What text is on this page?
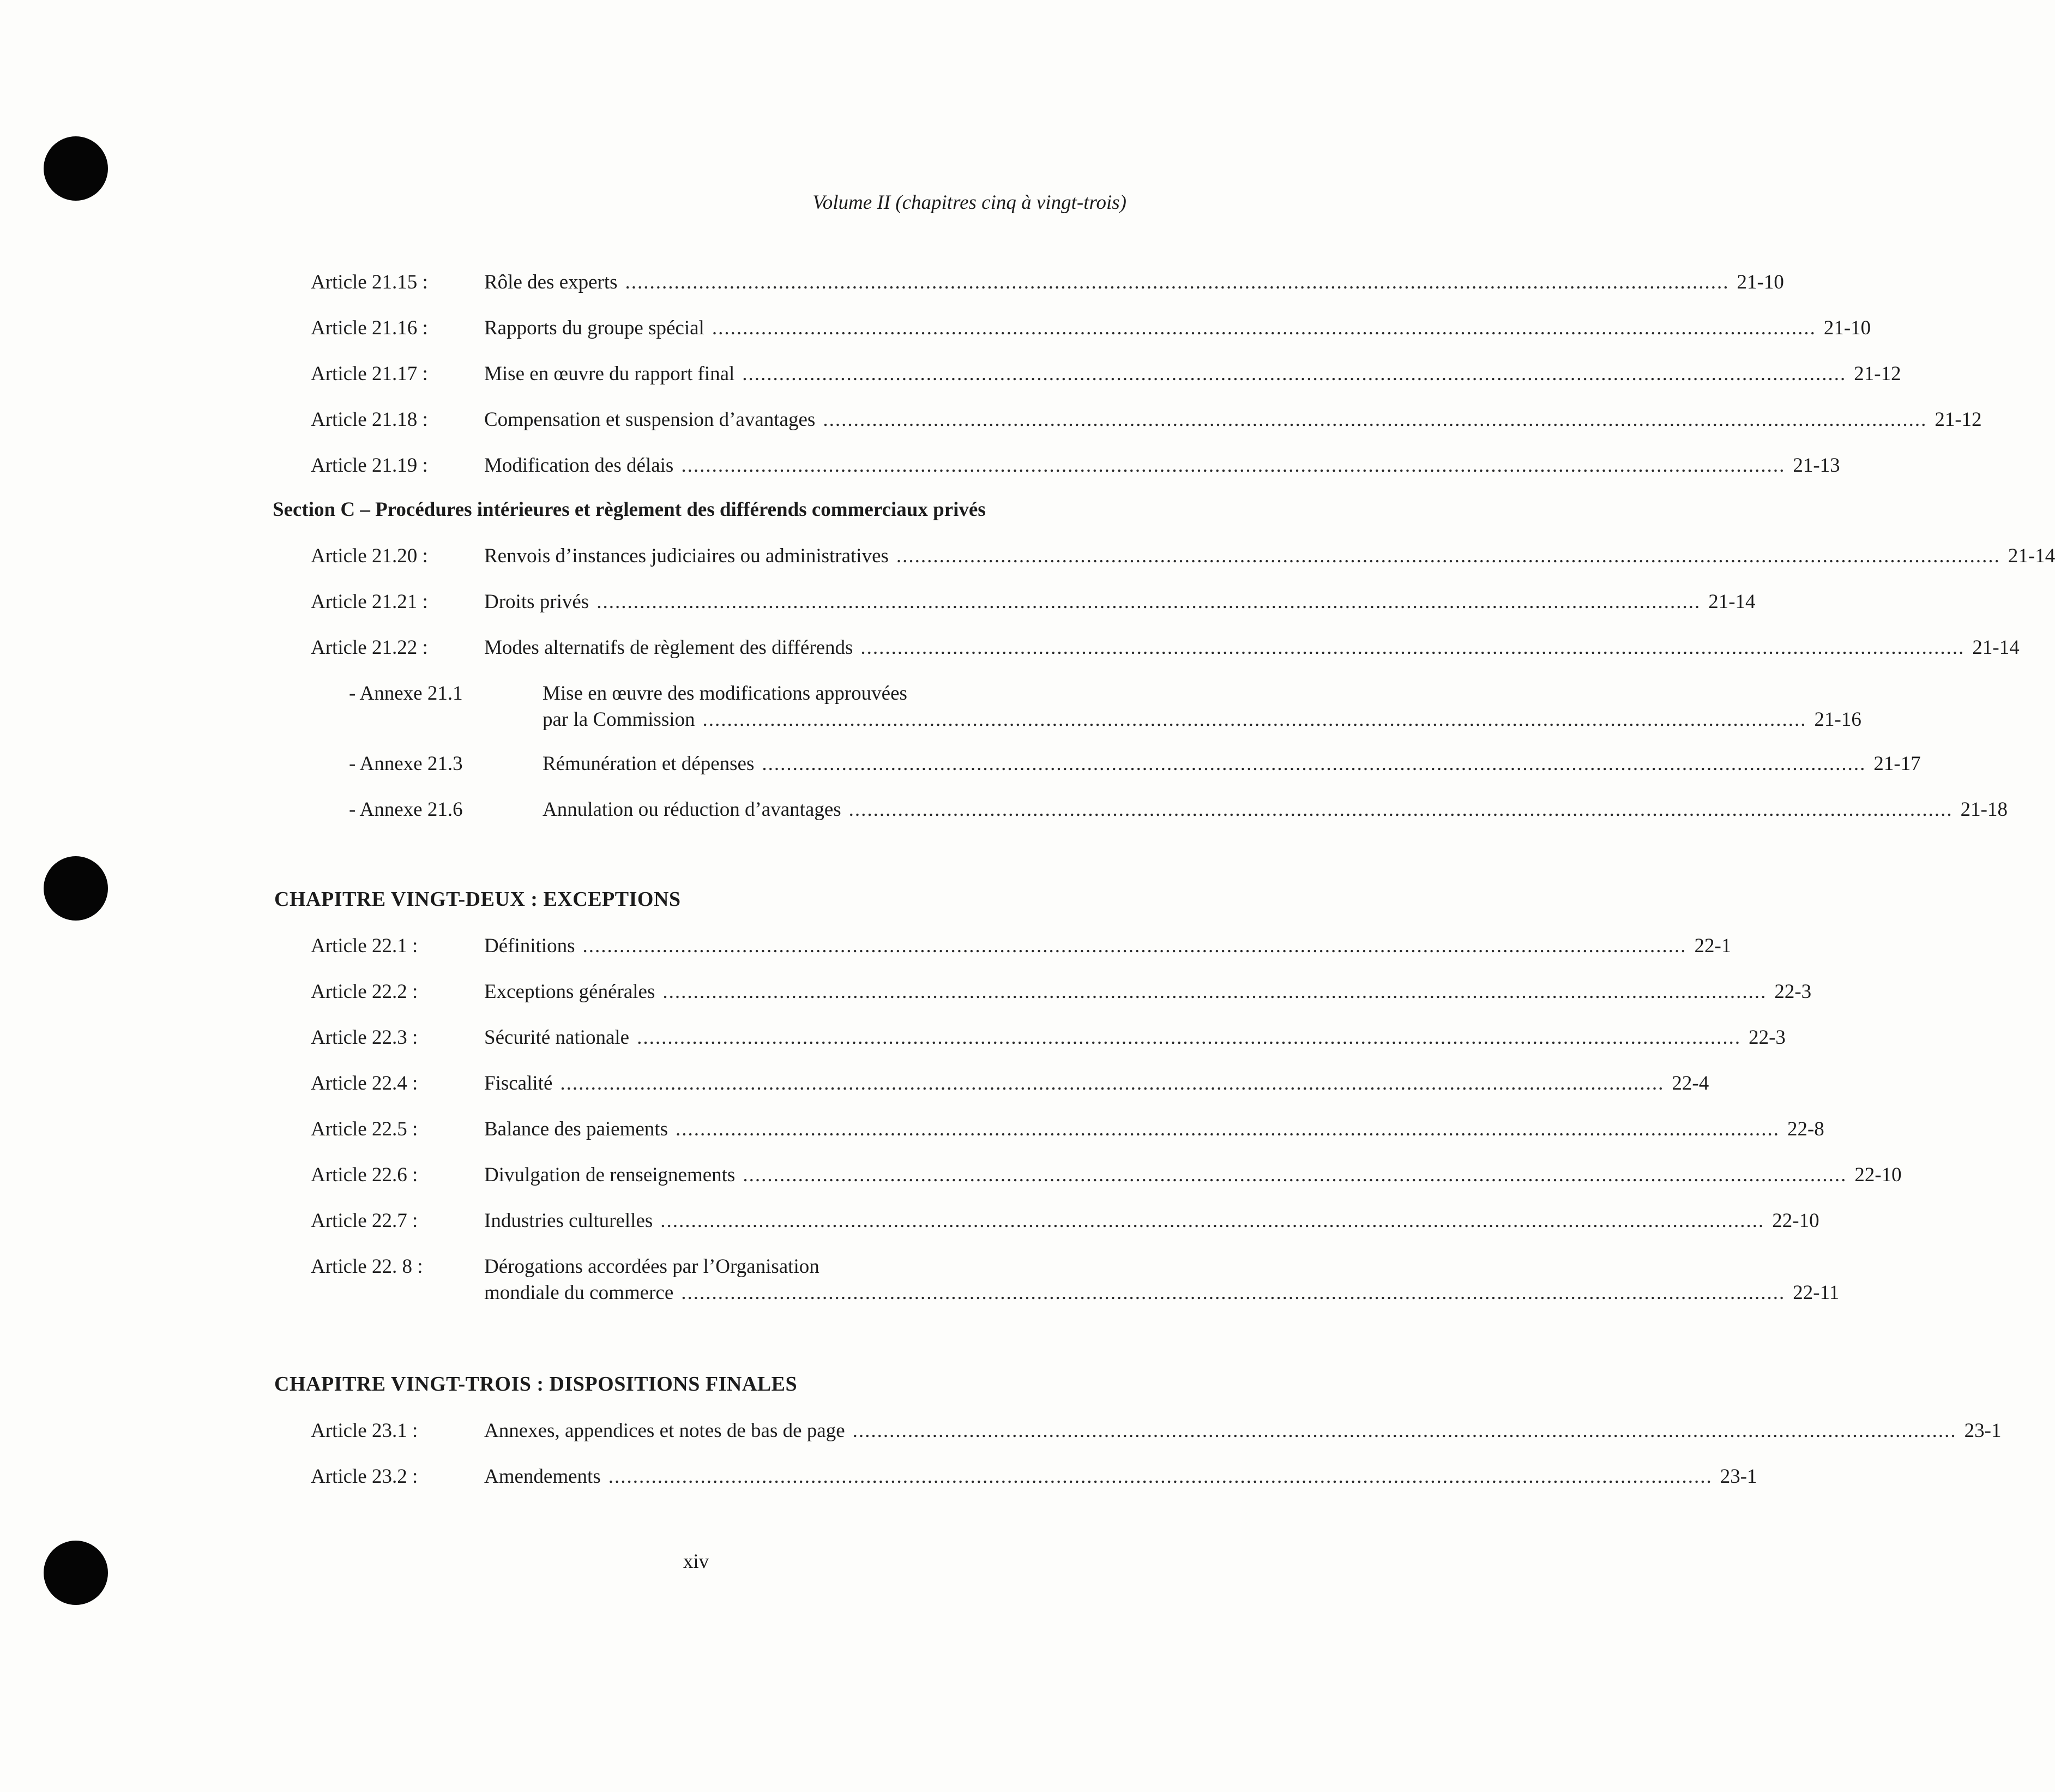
Volume II (chapitres cinq à vingt-trois)
Article 21.15 :	Rôle des experts .................................................................................................................................................................................... 21-10
Article 21.16 :	Rapports du groupe spécial .................................................................................................................................................................................... 21-10
Article 21.17 :	Mise en œuvre du rapport final .................................................................................................................................................................................... 21-12
Article 21.18 :	Compensation et suspension d’avantages .................................................................................................................................................................................... 21-12
Article 21.19 :	Modification des délais .................................................................................................................................................................................... 21-13
Section C – Procédures intérieures et règlement des différends commerciaux privés
Article 21.20 :	Renvois d’instances judiciaires ou administratives .................................................................................................................................................................................... 21-14
Article 21.21 :	Droits privés .................................................................................................................................................................................... 21-14
Article 21.22 :	Modes alternatifs de règlement des différends .................................................................................................................................................................................... 21-14
- Annexe 21.1	Mise en œuvre des modifications approuvées
par la Commission .................................................................................................................................................................................... 21-16
- Annexe 21.3	Rémunération et dépenses .................................................................................................................................................................................... 21-17
- Annexe 21.6	Annulation ou réduction d’avantages .................................................................................................................................................................................... 21-18
CHAPITRE VINGT-DEUX : EXCEPTIONS
Article 22.1 :	Définitions .................................................................................................................................................................................... 22-1
Article 22.2 :	Exceptions générales .................................................................................................................................................................................... 22-3
Article 22.3 :	Sécurité nationale .................................................................................................................................................................................... 22-3
Article 22.4 :	Fiscalité .................................................................................................................................................................................... 22-4
Article 22.5 :	Balance des paiements .................................................................................................................................................................................... 22-8
Article 22.6 :	Divulgation de renseignements .................................................................................................................................................................................... 22-10
Article 22.7 :	Industries culturelles .................................................................................................................................................................................... 22-10
Article 22. 8 :	Dérogations accordées par l’Organisation
mondiale du commerce .................................................................................................................................................................................... 22-11
CHAPITRE VINGT-TROIS : DISPOSITIONS FINALES
Article 23.1 :	Annexes, appendices et notes de bas de page .................................................................................................................................................................................... 23-1
Article 23.2 :	Amendements .................................................................................................................................................................................... 23-1
xiv
